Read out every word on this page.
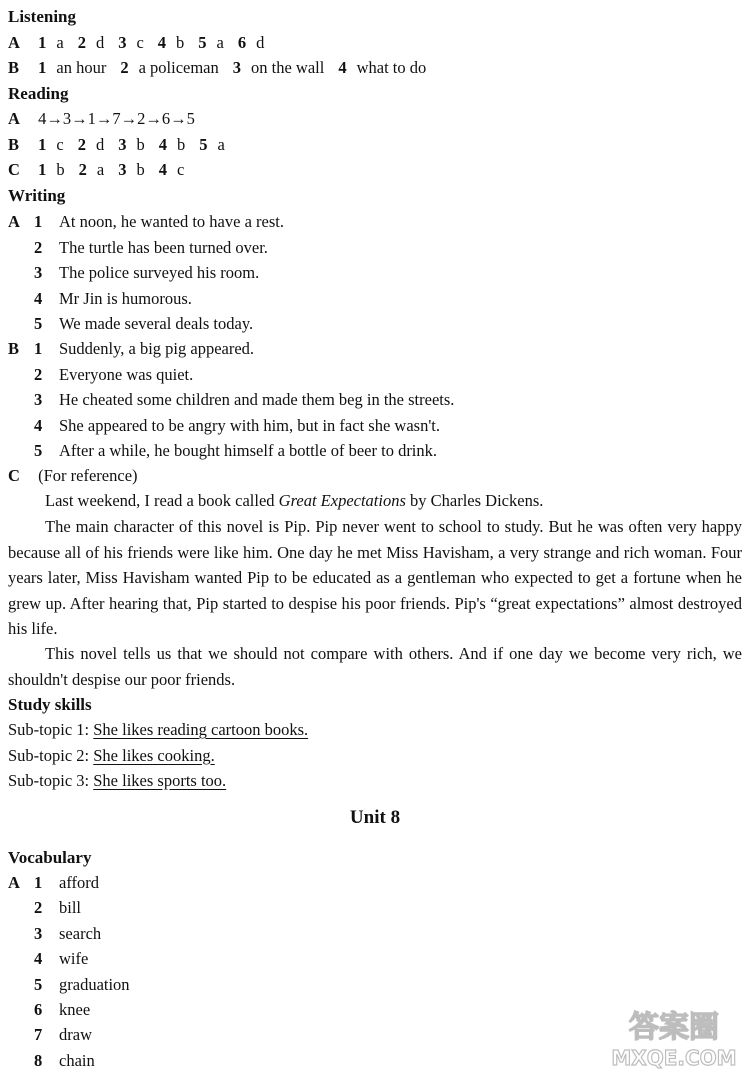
Listening
A 1 a 2 d 3 c 4 b 5 a 6 d
B 1 an hour 2 a policeman 3 on the wall 4 what to do
Reading
A 4→3→1→7→2→6→5
B 1 c 2 d 3 b 4 b 5 a
C 1 b 2 a 3 b 4 c
Writing
A 1 At noon, he wanted to have a rest.
2 The turtle has been turned over.
3 The police surveyed his room.
4 Mr Jin is humorous.
5 We made several deals today.
B 1 Suddenly, a big pig appeared.
2 Everyone was quiet.
3 He cheated some children and made them beg in the streets.
4 She appeared to be angry with him, but in fact she wasn't.
5 After a while, he bought himself a bottle of beer to drink.
C (For reference)
Last weekend, I read a book called Great Expectations by Charles Dickens.
The main character of this novel is Pip. Pip never went to school to study. But he was often very happy because all of his friends were like him. One day he met Miss Havisham, a very strange and rich woman. Four years later, Miss Havisham wanted Pip to be educated as a gentleman who expected to get a fortune when he grew up. After hearing that, Pip started to despise his poor friends. Pip's “great expectations” almost destroyed his life.
This novel tells us that we should not compare with others. And if one day we become very rich, we shouldn't despise our poor friends.
Study skills
Sub-topic 1: She likes reading cartoon books.
Sub-topic 2: She likes cooking.
Sub-topic 3: She likes sports too.
Unit 8
Vocabulary
A 1 afford
2 bill
3 search
4 wife
5 graduation
6 knee
7 draw
8 chain
答案圈
MXQE.COM
